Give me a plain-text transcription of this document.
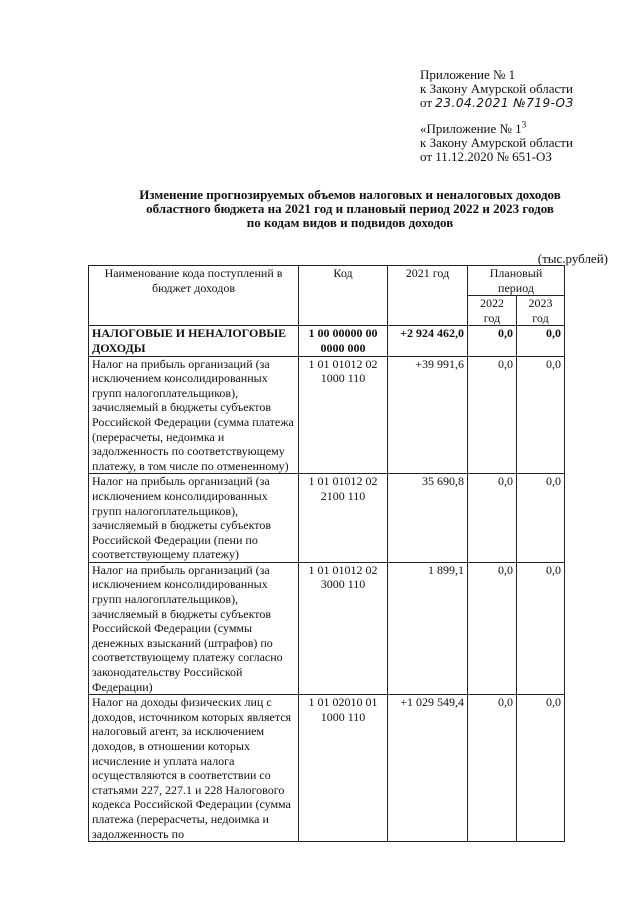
Приложение № 1
к Закону Амурской области
от 23.04.2021 №719-ОЗ
«Приложение № $1^3$
к Закону Амурской области
от 11.12.2020 № 651-ОЗ
Изменение прогнозируемых объемов налоговых и неналоговых доходов
областного бюджета на 2021 год и плановый период 2022 и 2023 годов
по кодам видов и подвидов доходов
(тыс.рублей)
Наименование кода поступлений в бюджет доходов	Код	2021 год	Плановый период	
			2022 год	2023 год
НАЛОГОВЫЕ И НЕНАЛОГОВЫЕ ДОХОДЫ	1 00 00000 00 0000 000	+2 924 462,0	0,0	0,0
Налог на прибыль организаций (за исключением консолидированных групп налогоплательщиков), зачисляемый в бюджеты субъектов Российской Федерации (сумма платежа (перерасчеты, недоимка и задолженность по соответствующему платежу, в том числе по отмененному)	1 01 01012 02 1000 110	+39 991,6	0,0	0,0
Налог на прибыль организаций (за исключением консолидированных групп налогоплательщиков), зачисляемый в бюджеты субъектов Российской Федерации (пени по соответствующему платежу)	1 01 01012 02 2100 110	35 690,8	0,0	0,0
Налог на прибыль организаций (за исключением консолидированных групп налогоплательщиков), зачисляемый в бюджеты субъектов Российской Федерации (суммы денежных взысканий (штрафов) по соответствующему платежу согласно законодательству Российской Федерации)	1 01 01012 02 3000 110	1 899,1	0,0	0,0
Налог на доходы физических лиц с доходов, источником которых является налоговый агент, за исключением доходов, в отношении которых исчисление и уплата налога осуществляются в соответствии со статьями 227, 227.1 и 228 Налогового кодекса Российской Федерации (сумма платежа (перерасчеты, недоимка и задолженность по	1 01 02010 01 1000 110	+1 029 549,4	0,0	0,0
